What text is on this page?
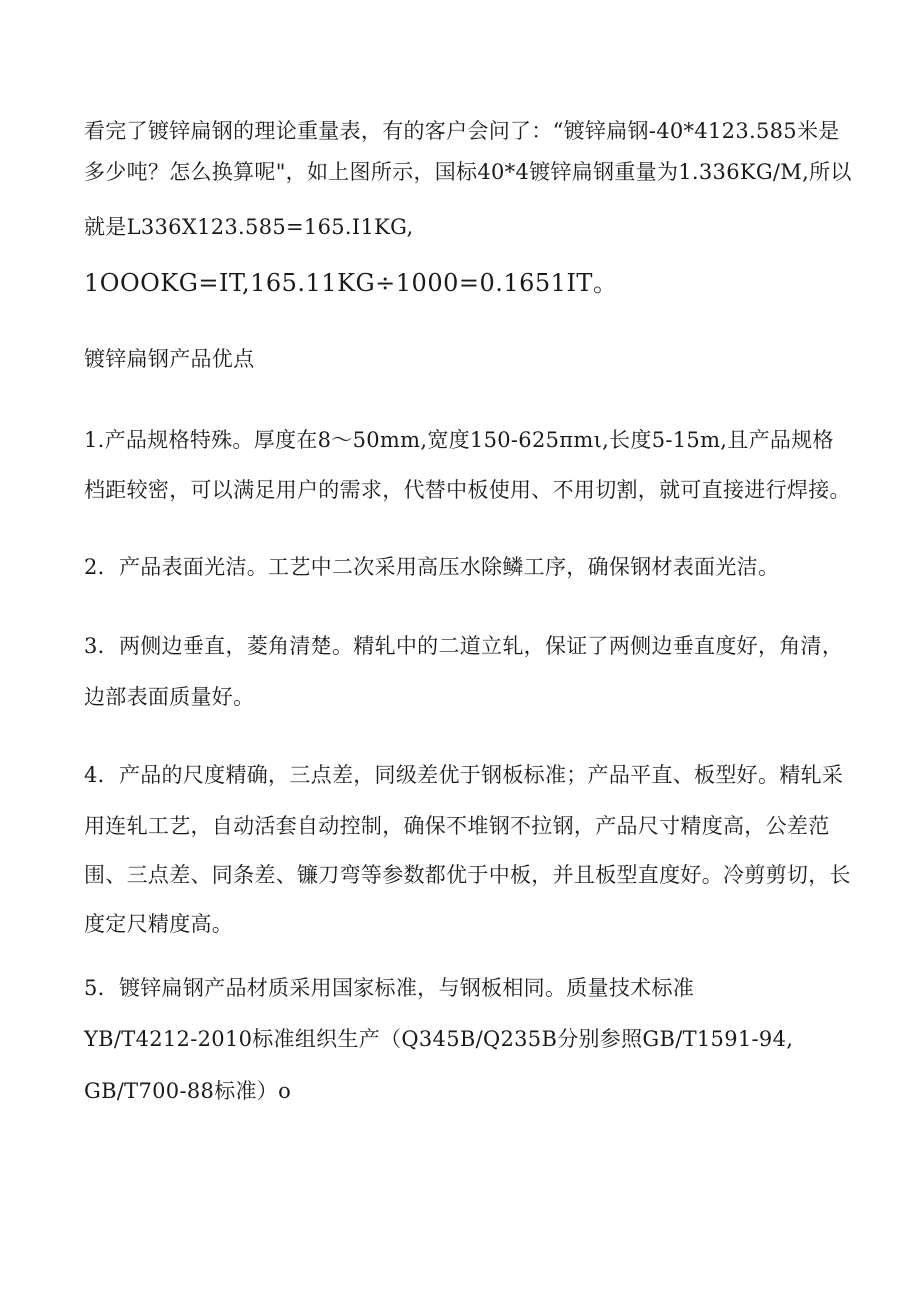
看完了镀锌扁钢的理论重量表，有的客户会问了：“镀锌扁钢-40*4123.585米是
多少吨？怎么换算呢"，如上图所示，国标40*4镀锌扁钢重量为1.336KG/M,所以
就是L336X123.585=165.I1KG,
1OOOKG=IT,165.11KG÷1000=0.1651IT。
镀锌扁钢产品优点
1.产品规格特殊。厚度在8～50mm,宽度150-625πmι,长度5-15m,且产品规格
档距较密，可以满足用户的需求，代替中板使用、不用切割，就可直接进行焊接。
2．产品表面光洁。工艺中二次采用高压水除鳞工序，确保钢材表面光洁。
3．两侧边垂直，菱角清楚。精轧中的二道立轧，保证了两侧边垂直度好，角清，
边部表面质量好。
4．产品的尺度精确，三点差，同级差优于钢板标准；产品平直、板型好。精轧采
用连轧工艺，自动活套自动控制，确保不堆钢不拉钢，产品尺寸精度高，公差范
围、三点差、同条差、镰刀弯等参数都优于中板，并且板型直度好。冷剪剪切，长
度定尺精度高。
5．镀锌扁钢产品材质采用国家标准，与钢板相同。质量技术标准
YB/T4212-2010标准组织生产（Q345B/Q235B分别参照GB/T1591-94,
GB/T700-88标准）o
